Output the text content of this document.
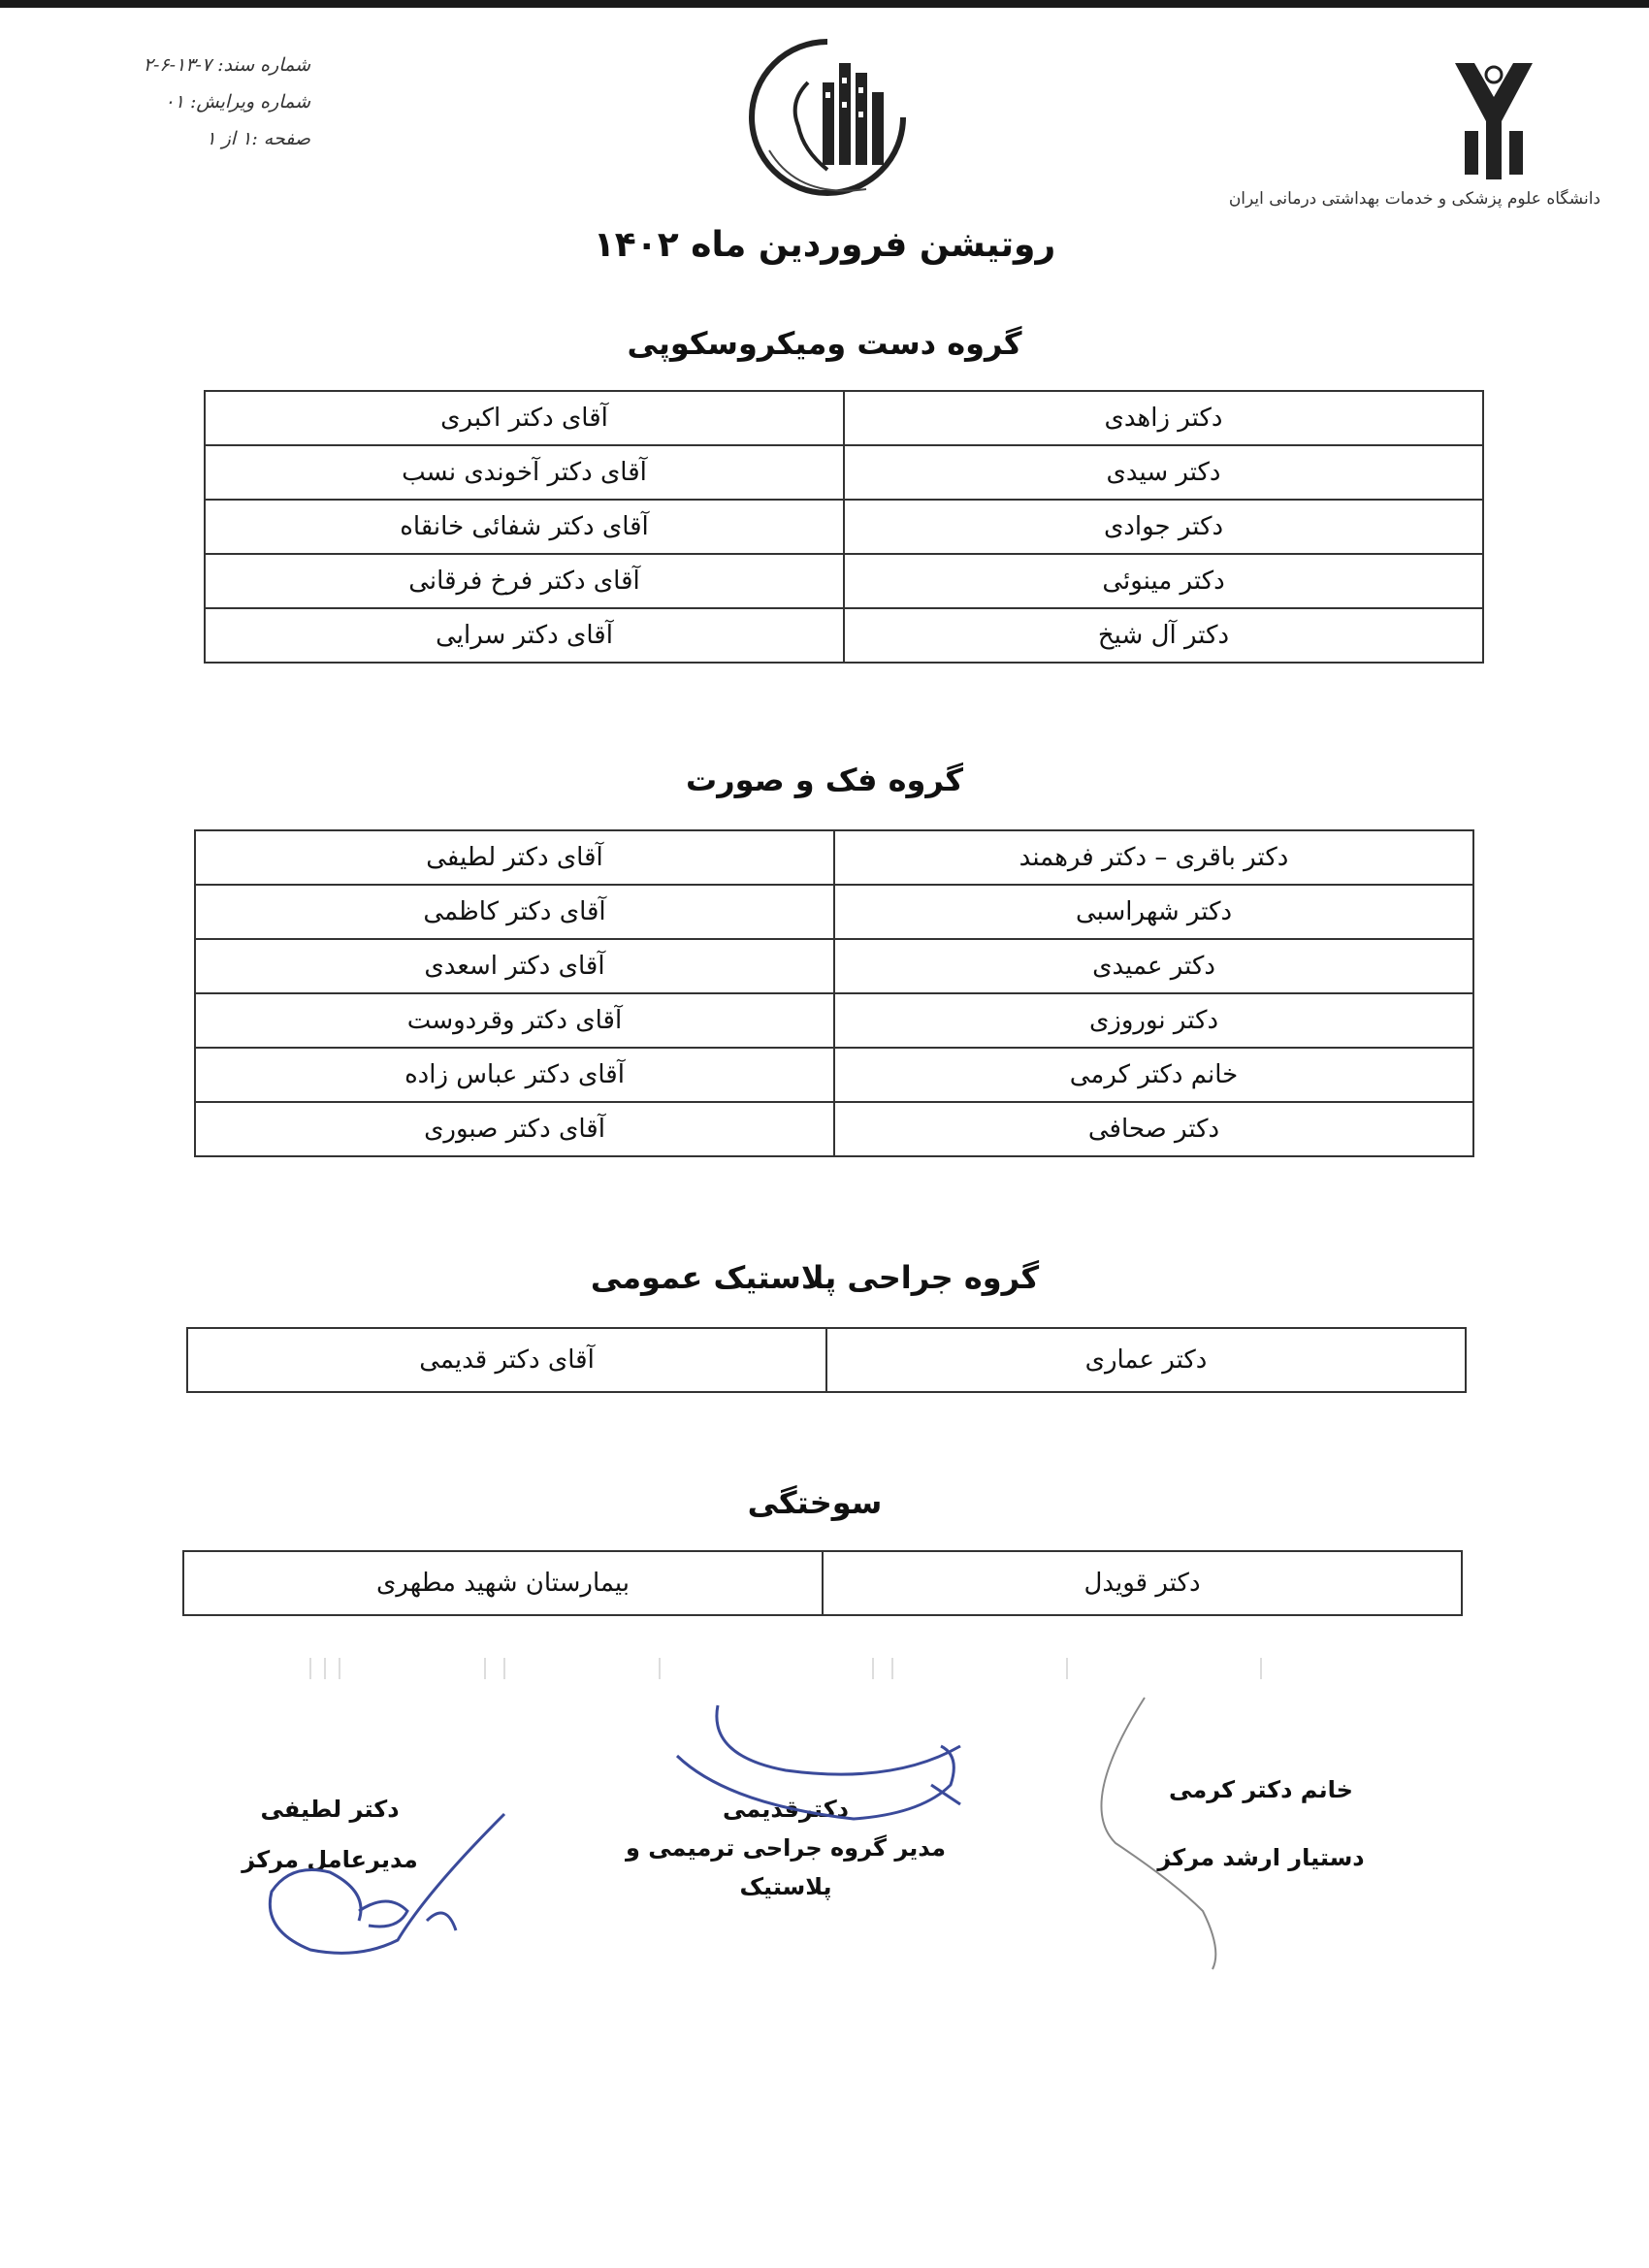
شماره سند: ۷-۱۳-۶-۲
شماره ویرایش: ۰۱
صفحه :۱ از ۱
دانشگاه علوم پزشکی و خدمات بهداشتی درمانی ایران
روتیشن فروردین ماه ۱۴۰۲
گروه دست ومیکروسکوپی
دکتر زاهدی	آقای دکتر اکبری
دکتر سیدی	آقای دکتر آخوندی نسب
دکتر جوادی	آقای دکتر شفائی خانقاه
دکتر مینوئی	آقای دکتر فرخ فرقانی
دکتر آل شیخ	آقای دکتر سرایی
گروه فک و صورت
دکتر باقری – دکتر فرهمند	آقای دکتر لطیفی
دکتر شهراسبی	آقای دکتر کاظمی
دکتر عمیدی	آقای دکتر اسعدی
دکتر نوروزی	آقای دکتر وقردوست
خانم دکتر کرمی	آقای دکتر عباس زاده
دکتر صحافی	آقای دکتر صبوری
گروه جراحی پلاستیک عمومی
دکتر عماری	آقای دکتر قدیمی
سوختگی
دکتر قویدل	بیمارستان شهید مطهری
خانم دکتر کرمی
دستیار ارشد مرکز
دکترقدیمی
مدیر گروه جراحی ترمیمی و پلاستیک
دکتر لطیفی
مدیرعامل مرکز
